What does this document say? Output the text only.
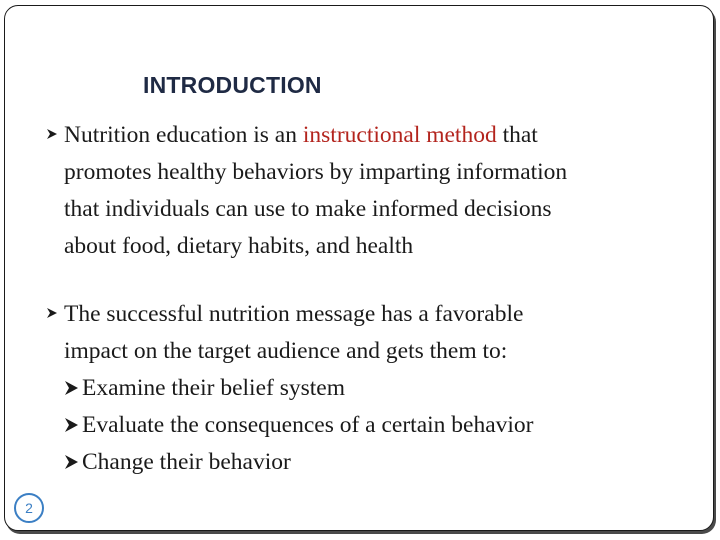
INTRODUCTION
Nutrition education is an instructional method that
promotes healthy behaviors by imparting information
that individuals can use to make informed decisions
about food, dietary habits, and health
The successful nutrition message has a favorable
impact on the target audience and gets them to:
Examine their belief system
Evaluate the consequences of a certain behavior
Change their behavior
2
